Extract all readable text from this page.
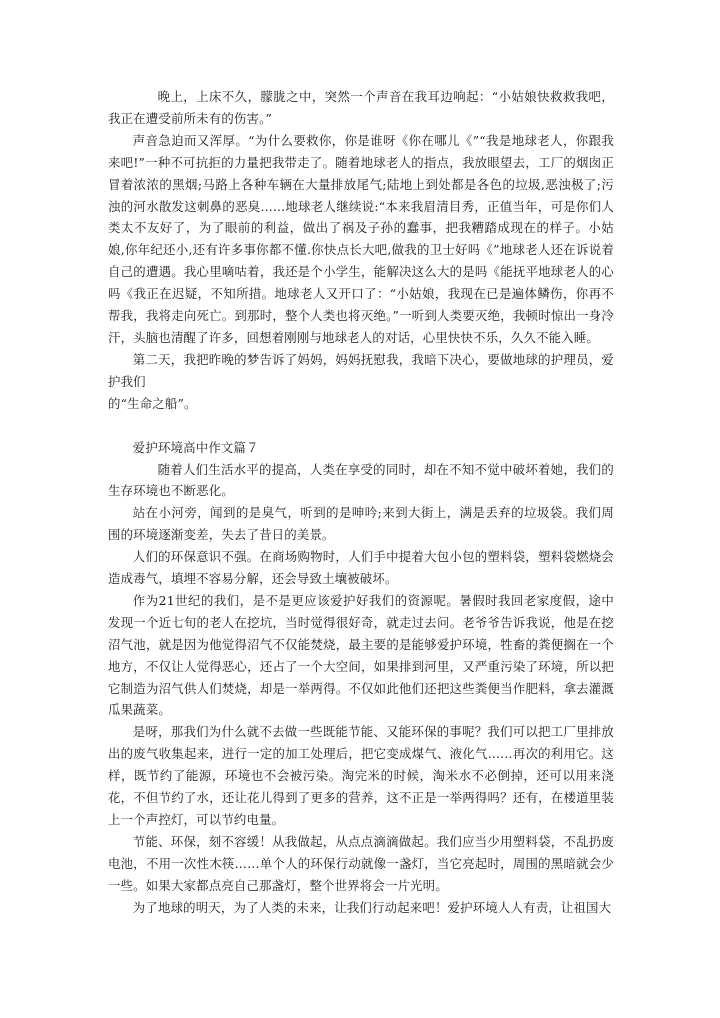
晚上，上床不久，朦胧之中，突然一个声音在我耳边响起：“小姑娘快救救我吧，我正在遭受前所未有的伤害。”

声音急迫而又浑厚。“为什么要救你，你是谁呀《你在哪儿《”“我是地球老人，你跟我来吧!”一种不可抗拒的力量把我带走了。随着地球老人的指点，我放眼望去，工厂的烟囱正冒着浓浓的黑烟;马路上各种车辆在大量排放尾气;陆地上到处都是各色的垃圾,恶浊极了;污浊的河水散发这刺鼻的恶臭......地球老人继续说:“本来我眉清目秀，正值当年，可是你们人类太不友好了，为了眼前的利益，做出了祸及子孙的蠢事，把我糟踏成现在的样子。小姑娘,你年纪还小,还有许多事你都不懂.你快点长大吧,做我的卫士好吗《”地球老人还在诉说着自己的遭遇。我心里嘀咕着，我还是个小学生，能解决这么大的是吗《能抚平地球老人的心吗《我正在迟疑，不知所措。地球老人又开口了：“小姑娘，我现在已是遍体鳞伤，你再不帮我，我将走向死亡。到那时，整个人类也将灭绝。”一听到人类要灭绝，我顿时惊出一身冷汗，头脑也清醒了许多，回想着刚刚与地球老人的对话，心里快快不乐，久久不能入睡。

第二天，我把昨晚的梦告诉了妈妈，妈妈抚慰我，我暗下决心，要做地球的护理员，爱护我们

的“生命之船”。

爱护环境高中作文篇７

随着人们生活水平的提高，人类在享受的同时，却在不知不觉中破坏着她，我们的生存环境也不断恶化。

站在小河旁，闻到的是臭气，听到的是呻吟;来到大街上，满是丢弃的垃圾袋。我们周围的环境逐渐变差，失去了昔日的美景。

人们的环保意识不强。在商场购物时，人们手中提着大包小包的塑料袋，塑料袋燃烧会造成毒气，填埋不容易分解，还会导致土壤被破坏。

作为21世纪的我们，是不是更应该爱护好我们的资源呢。暑假时我回老家度假，途中发现一个近七旬的老人在挖坑，当时觉得很好奇，就走过去问。老爷爷告诉我说，他是在挖沼气池，就是因为他觉得沼气不仅能焚烧，最主要的是能够爱护环境，牲畜的粪便搁在一个地方，不仅让人觉得恶心，还占了一个大空间，如果排到河里，又严重污染了环境，所以把它制造为沼气供人们焚烧，却是一举两得。不仅如此他们还把这些粪便当作肥料，拿去灌溉瓜果蔬菜。

是呀，那我们为什么就不去做一些既能节能、又能环保的事呢？我们可以把工厂里排放出的废气收集起来，进行一定的加工处理后，把它变成煤气、液化气……再次的利用它。这样，既节约了能源，环境也不会被污染。淘完米的时候，淘米水不必倒掉，还可以用来浇花，不但节约了水，还让花儿得到了更多的营养，这不正是一举两得吗？还有，在楼道里装上一个声控灯，可以节约电量。

节能、环保，刻不容缓！从我做起，从点点滴滴做起。我们应当少用塑料袋，不乱扔废电池，不用一次性木筷……单个人的环保行动就像一盏灯，当它亮起时，周围的黑暗就会少一些。如果大家都点亮自己那盏灯，整个世界将会一片光明。

为了地球的明天，为了人类的未来，让我们行动起来吧！爱护环境人人有责，让祖国大
